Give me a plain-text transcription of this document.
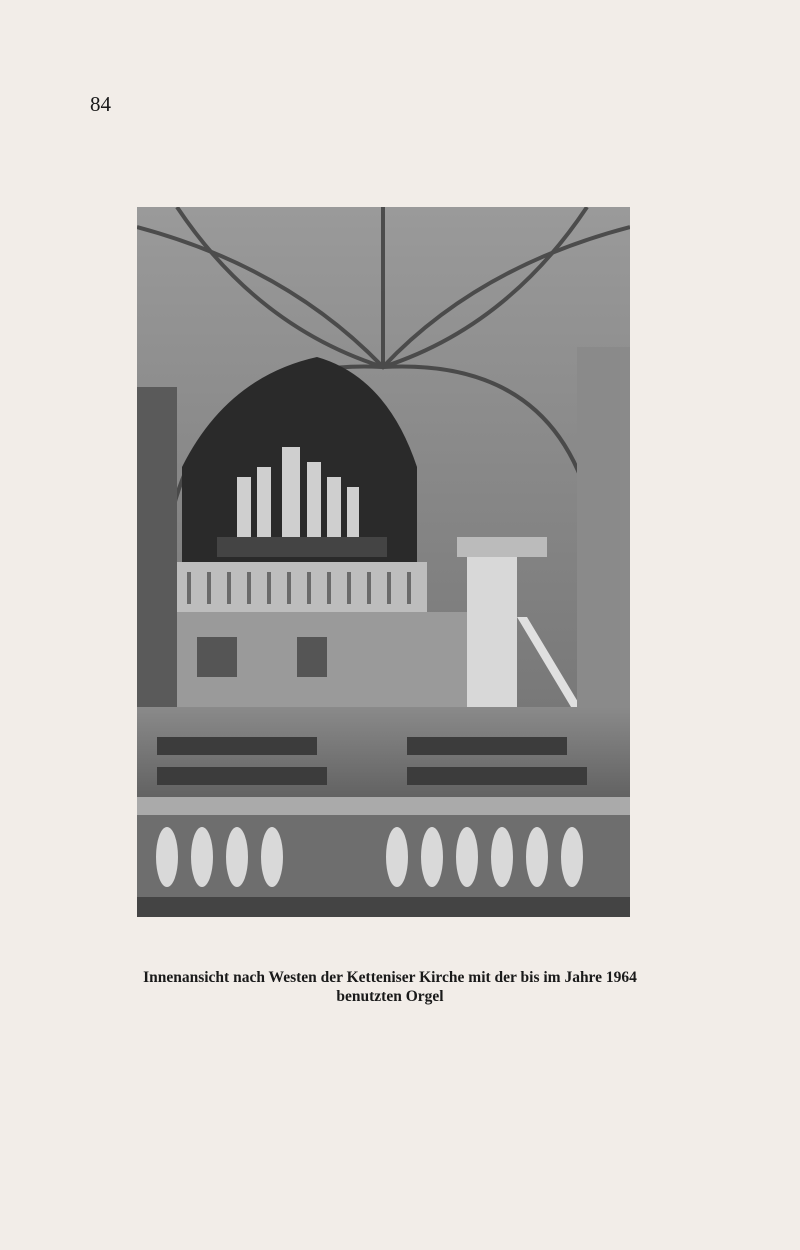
84
Innenansicht nach Westen der Ketteniser Kirche mit der bis im Jahre 1964
benutzten Orgel
